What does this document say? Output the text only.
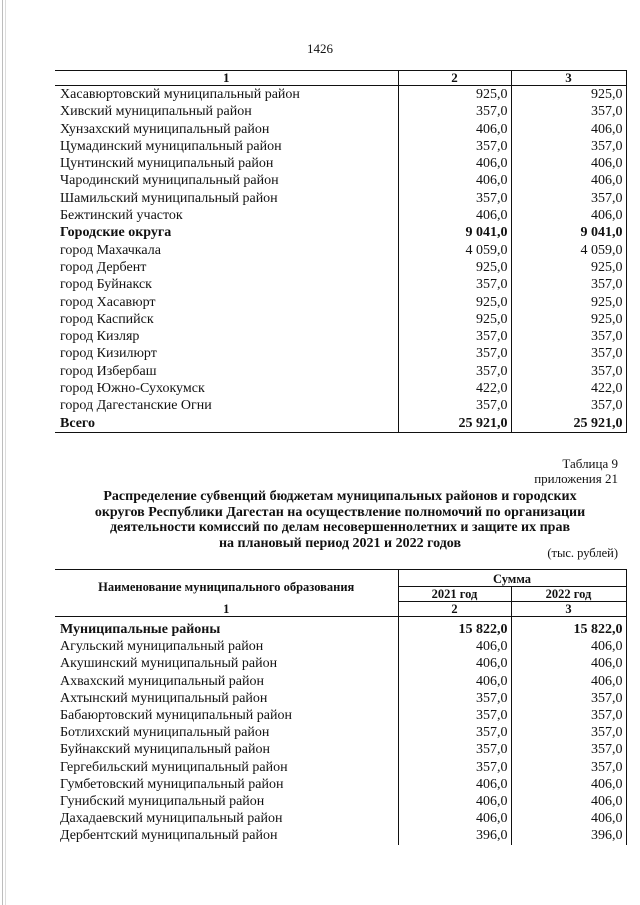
1426
1	2	3
Хасавюртовский муниципальный район	925,0	925,0
Хивский муниципальный район	357,0	357,0
Хунзахский муниципальный район	406,0	406,0
Цумадинский муниципальный район	357,0	357,0
Цунтинский муниципальный район	406,0	406,0
Чародинский муниципальный район	406,0	406,0
Шамильский муниципальный район	357,0	357,0
Бежтинский участок	406,0	406,0
Городские округа	9 041,0	9 041,0
город Махачкала	4 059,0	4 059,0
город Дербент	925,0	925,0
город Буйнакск	357,0	357,0
город Хасавюрт	925,0	925,0
город Каспийск	925,0	925,0
город Кизляр	357,0	357,0
город Кизилюрт	357,0	357,0
город Избербаш	357,0	357,0
город Южно-Сухокумск	422,0	422,0
город Дагестанские Огни	357,0	357,0
Всего	25 921,0	25 921,0
Таблица 9
приложения 21
Распределение субвенций бюджетам муниципальных районов и городских
округов Республики Дагестан на осуществление полномочий по организации
деятельности комиссий по делам несовершеннолетних и защите их прав
на плановый период 2021 и 2022 годов
(тыс. рублей)
Наименование муниципального образования	Сумма	
	2021 год	2022 год
1	2	3
Муниципальные районы	15 822,0	15 822,0
Агульский муниципальный район	406,0	406,0
Акушинский муниципальный район	406,0	406,0
Ахвахский муниципальный район	406,0	406,0
Ахтынский муниципальный район	357,0	357,0
Бабаюртовский муниципальный район	357,0	357,0
Ботлихский муниципальный район	357,0	357,0
Буйнакский муниципальный район	357,0	357,0
Гергебильский муниципальный район	357,0	357,0
Гумбетовский муниципальный район	406,0	406,0
Гунибский муниципальный район	406,0	406,0
Дахадаевский муниципальный район	406,0	406,0
Дербентский муниципальный район	396,0	396,0
